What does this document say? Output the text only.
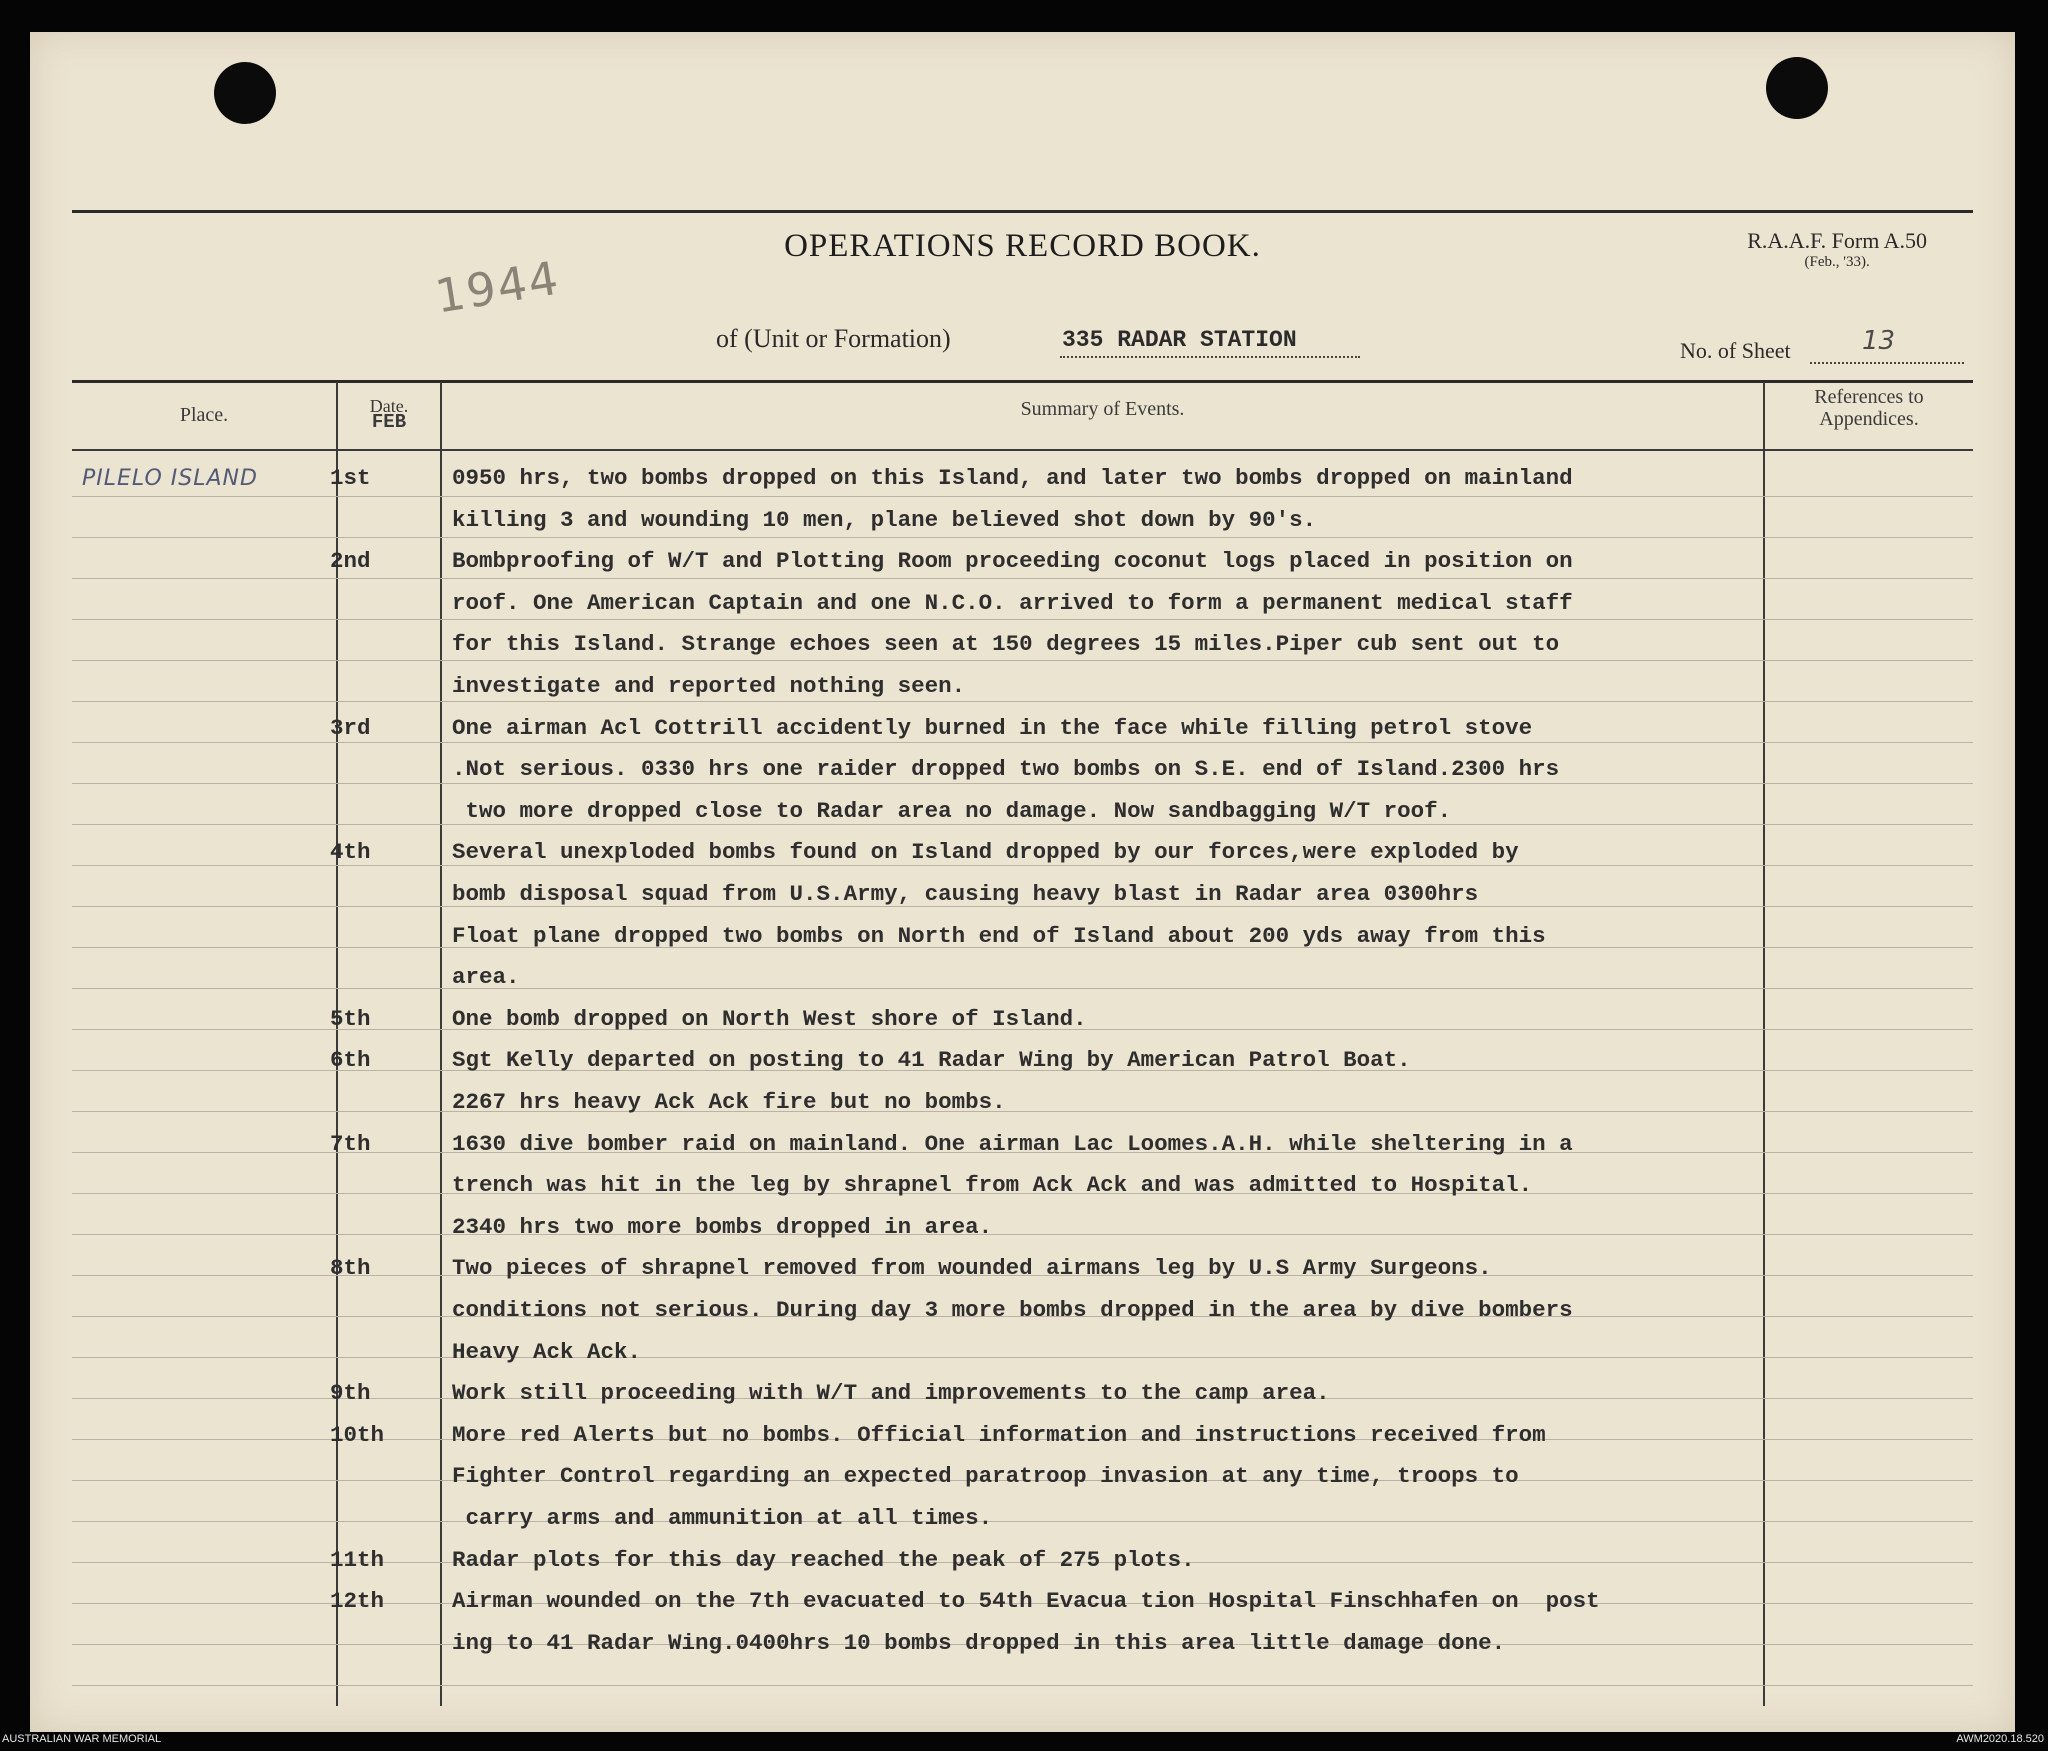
OPERATIONS RECORD BOOK.	R.A.A.F. Form A.50
(Feb., '33).
1944
of (Unit or Formation)	335 RADAR STATION	No. of Sheet	13
Place.	Date.
FEB
Summary of Events.
References to
Appendices.
PILELO ISLAND	1st	0950 hrs, two bombs dropped on this Island, and later two bombs dropped on mainland
killing 3 and wounding 10 men, plane believed shot down by 90's.
2nd	Bombproofing of W/T and Plotting Room proceeding coconut logs placed in position on
roof. One American Captain and one N.C.O. arrived to form a permanent medical staff
for this Island. Strange echoes seen at 150 degrees 15 miles.Piper cub sent out to
investigate and reported nothing seen.
3rd	One airman Acl Cottrill accidently burned in the face while filling petrol stove
.Not serious. 0330 hrs one raider dropped two bombs on S.E. end of Island.2300 hrs
two more dropped close to Radar area no damage. Now sandbagging W/T roof.
4th	Several unexploded bombs found on Island dropped by our forces,were exploded by
bomb disposal squad from U.S.Army, causing heavy blast in Radar area 0300hrs
Float plane dropped two bombs on North end of Island about 200 yds away from this
area.
5th	One bomb dropped on North West shore of Island.
6th	Sgt Kelly departed on posting to 41 Radar Wing by American Patrol Boat.
2267 hrs heavy Ack Ack fire but no bombs.
7th	1630 dive bomber raid on mainland. One airman Lac Loomes.A.H. while sheltering in a
trench was hit in the leg by shrapnel from Ack Ack and was admitted to Hospital.
2340 hrs two more bombs dropped in area.
8th	Two pieces of shrapnel removed from wounded airmans leg by U.S Army Surgeons.
conditions not serious. During day 3 more bombs dropped in the area by dive bombers
Heavy Ack Ack.
9th	Work still proceeding with W/T and improvements to the camp area.
10th	More red Alerts but no bombs. Official information and instructions received from
Fighter Control regarding an expected paratroop invasion at any time, troops to
carry arms and ammunition at all times.
11th	Radar plots for this day reached the peak of 275 plots.
12th	Airman wounded on the 7th evacuated to 54th Evacua tion Hospital Finschhafen on  post
ing to 41 Radar Wing.0400hrs 10 bombs dropped in this area little damage done.
AUSTRALIAN WAR MEMORIAL	AWM2020.18.520
